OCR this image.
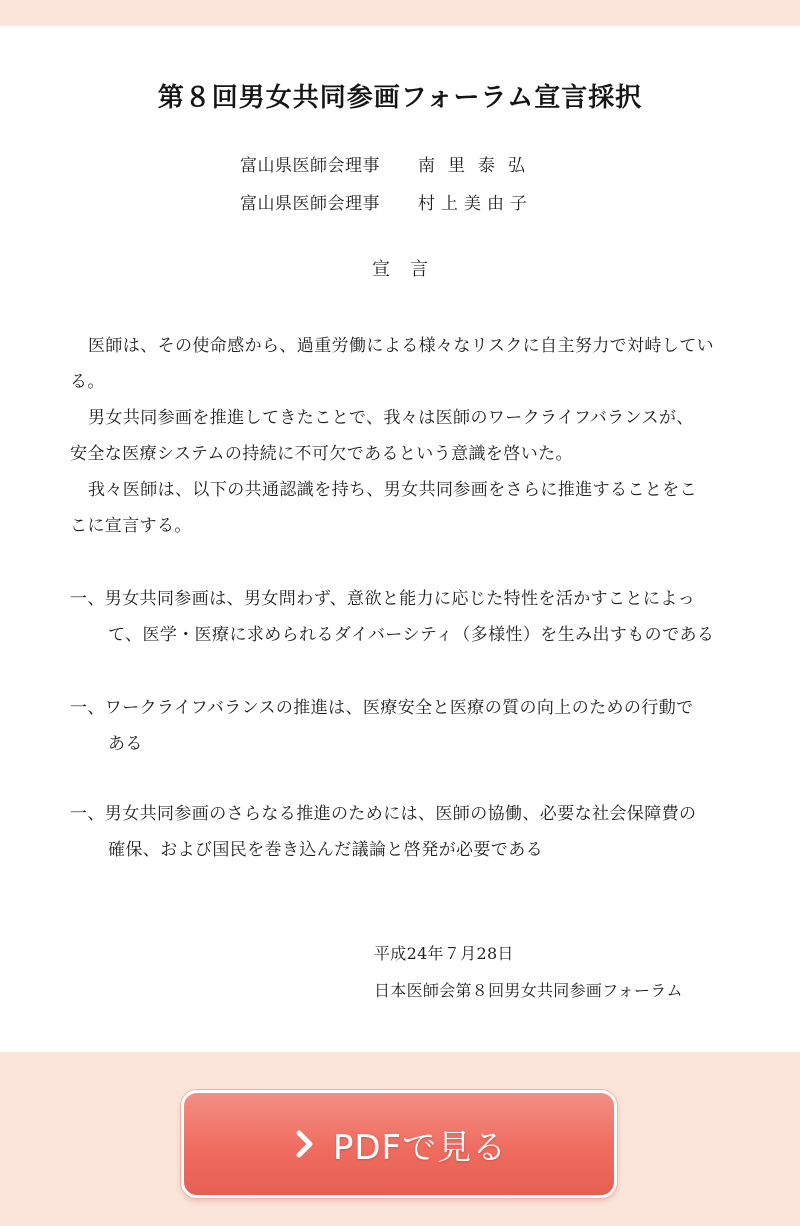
第８回男女共同参画フォーラム宣言採択
富山県医師会理事 南里泰弘
富山県医師会理事 村上美由子
宣言
医師は、その使命感から、過重労働による様々なリスクに自主努力で対峙してい
る。
男女共同参画を推進してきたことで、我々は医師のワークライフバランスが、
安全な医療システムの持続に不可欠であるという意識を啓いた。
我々医師は、以下の共通認識を持ち、男女共同参画をさらに推進することをこ
こに宣言する。
一、男女共同参画は、男女問わず、意欲と能力に応じた特性を活かすことによっ
て、医学・医療に求められるダイバーシティ（多様性）を生み出すものである
一、ワークライフバランスの推進は、医療安全と医療の質の向上のための行動で
ある
一、男女共同参画のさらなる推進のためには、医師の協働、必要な社会保障費の
確保、および国民を巻き込んだ議論と啓発が必要である
平成24年７月28日
日本医師会第８回男女共同参画フォーラム
PDFで見る
